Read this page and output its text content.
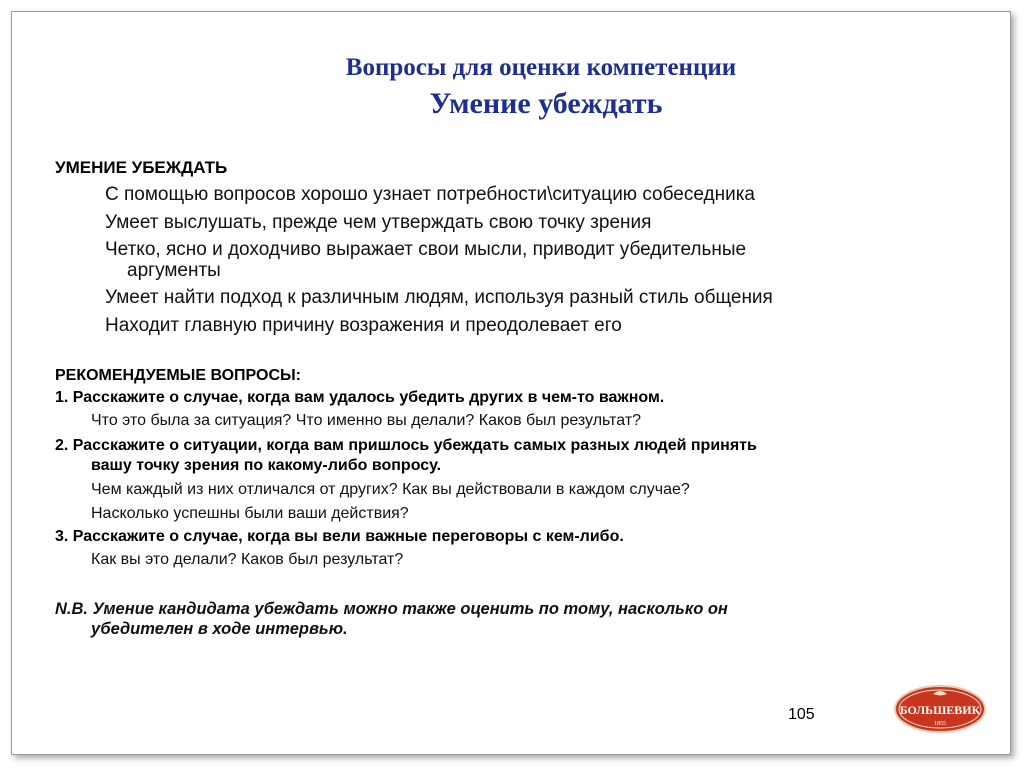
Вопросы для оценки компетенции
Умение убеждать
УМЕНИЕ УБЕЖДАТЬ
С помощью вопросов хорошо узнает потребности\ситуацию собеседника
Умеет выслушать, прежде чем утверждать свою точку зрения
Четко, ясно и доходчиво выражает свои мысли, приводит убедительные
аргументы
Умеет найти подход к различным людям, используя разный стиль общения
Находит главную причину возражения и преодолевает его
РЕКОМЕНДУЕМЫЕ ВОПРОСЫ:
1. Расскажите о случае, когда вам удалось убедить других в чем-то важном.
Что это была за ситуация? Что именно вы делали? Каков был результат?
2. Расскажите о ситуации, когда вам пришлось убеждать самых разных людей принять
вашу точку зрения по какому-либо вопросу.
Чем каждый из них отличался от других? Как вы действовали в каждом случае?
Насколько успешны были ваши действия?
3. Расскажите о случае, когда вы вели важные переговоры с кем-либо.
Как вы это делали? Каков был результат?
N.B. Умение кандидата убеждать можно также оценить по тому, насколько он
убедителен в ходе интервью.
105	БОЛЬШЕВИК
1855
